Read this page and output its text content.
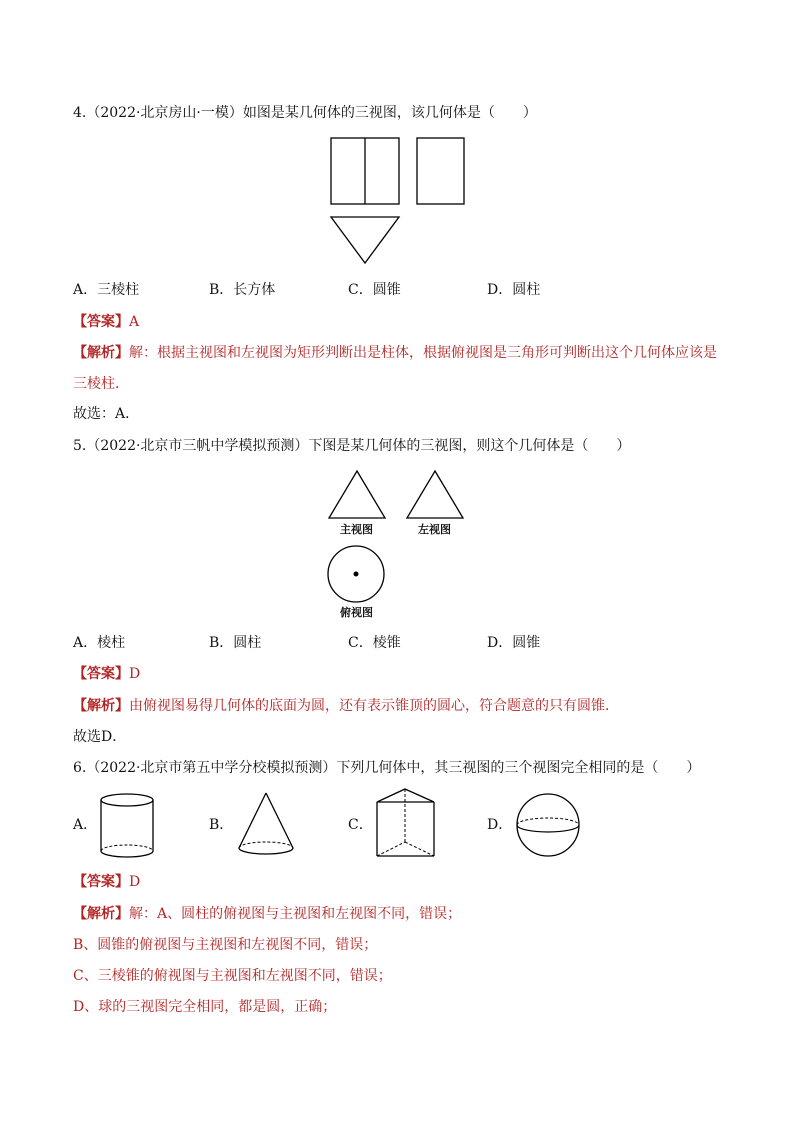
4.（2022·北京房山·一模）如图是某几何体的三视图，该几何体是（　　）
A．三棱柱	B．长方体	C．圆锥	D．圆柱
【答案】A
【解析】解：根据主视图和左视图为矩形判断出是柱体，根据俯视图是三角形可判断出这个几何体应该是
三棱柱．
故选：A．
5.（2022·北京市三帆中学模拟预测）下图是某几何体的三视图，则这个几何体是（　　）
主视图	左视图
俯视图
A．棱柱	B．圆柱	C．棱锥	D．圆锥
【答案】D
【解析】由俯视图易得几何体的底面为圆，还有表示锥顶的圆心，符合题意的只有圆锥．
故选D．
6.（2022·北京市第五中学分校模拟预测）下列几何体中，其三视图的三个视图完全相同的是（　　）
A．	B．	C．	D．
【答案】D
【解析】解：A、圆柱的俯视图与主视图和左视图不同，错误；
B、圆锥的俯视图与主视图和左视图不同，错误；
C、三棱锥的俯视图与主视图和左视图不同，错误；
D、球的三视图完全相同，都是圆，正确；
